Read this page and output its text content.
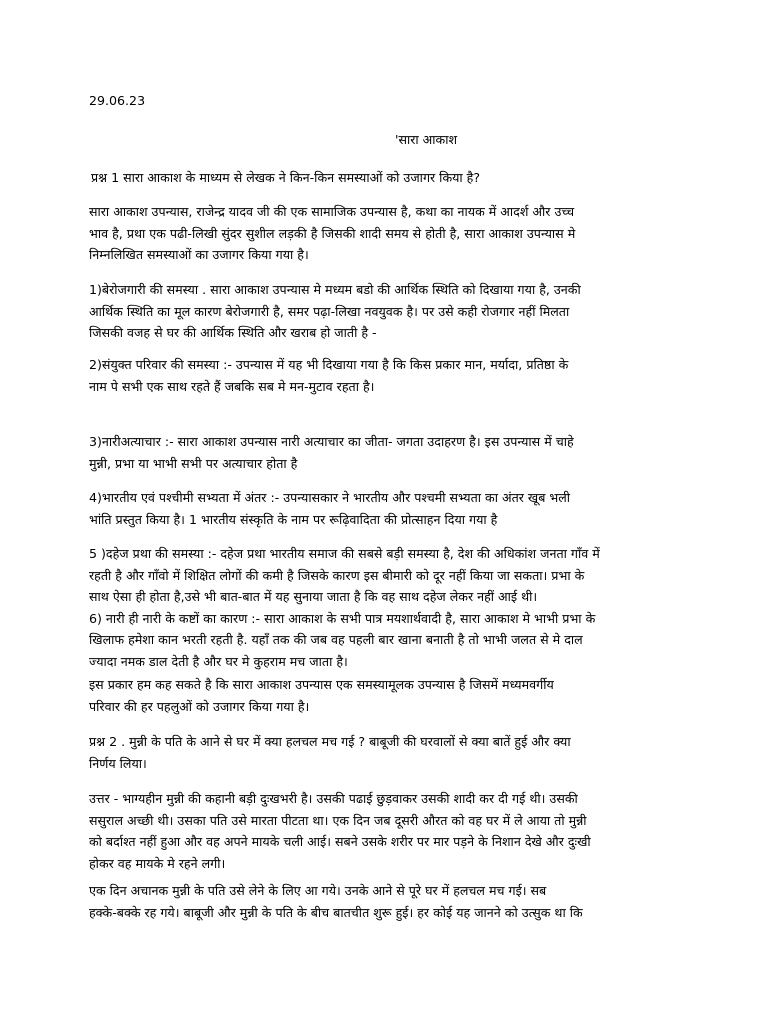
29.06.23
'सारा आकाश
प्रश्न 1 सारा आकाश के माध्यम से लेखक ने किन-किन समस्याओं को उजागर किया है?
सारा आकाश उपन्यास, राजेन्द्र यादव जी की एक सामाजिक उपन्यास है, कथा का नायक में आदर्श और उच्च
भाव है, प्रथा एक पढी-लिखी सुंदर सुशील लड़की है जिसकी शादी समय से होती है, सारा आकाश उपन्यास मे
निम्नलिखित समस्याओं का उजागर किया गया है।
1)बेरोजगारी की समस्या . सारा आकाश उपन्यास मे मध्यम बडो की आर्थिक स्थिति को दिखाया गया है, उनकी
आर्थिक स्थिति का मूल कारण बेरोजगारी है, समर पढ़ा-लिखा नवयुवक है। पर उसे कही रोजगार नहीं मिलता
जिसकी वजह से घर की आर्थिक स्थिति और खराब हो जाती है -
2)संयुक्त परिवार की समस्या :- उपन्यास में यह भी दिखाया गया है कि किस प्रकार मान, मर्यादा, प्रतिष्ठा के
नाम पे सभी एक साथ रहते हैं जबकि सब मे मन-मुटाव रहता है।
3)नारीअत्याचार :- सारा आकाश उपन्यास नारी अत्याचार का जीता- जगता उदाहरण है। इस उपन्यास में चाहे
मुन्नी, प्रभा या भाभी सभी पर अत्याचार होता है
4)भारतीय एवं पश्चीमी सभ्यता में अंतर :- उपन्यासकार ने भारतीय और पश्चमी सभ्यता का अंतर खूब भली
भांति प्रस्तुत किया है। 1 भारतीय संस्कृति के नाम पर रूढ़िवादिता की प्रोत्साहन दिया गया है
5 )दहेज प्रथा की समस्या :- दहेज प्रथा भारतीय समाज की सबसे बड़ी समस्या है, देश की अधिकांश जनता गाँव में
रहती है और गाँवो में शिक्षित लोगों की कमी है जिसके कारण इस बीमारी को दूर नहीं किया जा सकता। प्रभा के
साथ ऐसा ही होता है,उसे भी बात-बात में यह सुनाया जाता है कि वह साथ दहेज लेकर नहीं आई थी।
6) नारी ही नारी के कष्टों का कारण :- सारा आकाश के सभी पात्र मयशार्थवादी है, सारा आकाश मे भाभी प्रभा के
खिलाफ हमेशा कान भरती रहती है. यहाँ तक की जब वह पहली बार खाना बनाती है तो भाभी जलत से मे दाल
ज्यादा नमक डाल देती है और घर मे कुहराम मच जाता है।
इस प्रकार हम कह सकते है कि सारा आकाश उपन्यास एक समस्यामूलक उपन्यास है जिसमें मध्यमवर्गीय
परिवार की हर पहलुओं को उजागर किया गया है।
प्रश्न 2 . मुन्नी के पति के आने से घर में क्या हलचल मच गई ? बाबूजी की घरवालों से क्या बातें हुई और क्या
निर्णय लिया।
उत्तर - भाग्यहीन मुन्नी की कहानी बड़ी दुःखभरी है। उसकी पढाई छुड़वाकर उसकी शादी कर दी गई थी। उसकी
ससुराल अच्छी थी। उसका पति उसे मारता पीटता था। एक दिन जब दूसरी औरत को वह घर में ले आया तो मुन्नी
को बर्दाश्त नहीं हुआ और वह अपने मायके चली आई। सबने उसके शरीर पर मार पड़ने के निशान देखे और दुःखी
होकर वह मायके मे रहने लगी।
एक दिन अचानक मुन्नी के पति उसे लेने के लिए आ गये। उनके आने से पूरे घर में हलचल मच गई। सब
हक्के-बक्के रह गये। बाबूजी और मुन्नी के पति के बीच बातचीत शुरू हुई। हर कोई यह जानने को उत्सुक था कि
